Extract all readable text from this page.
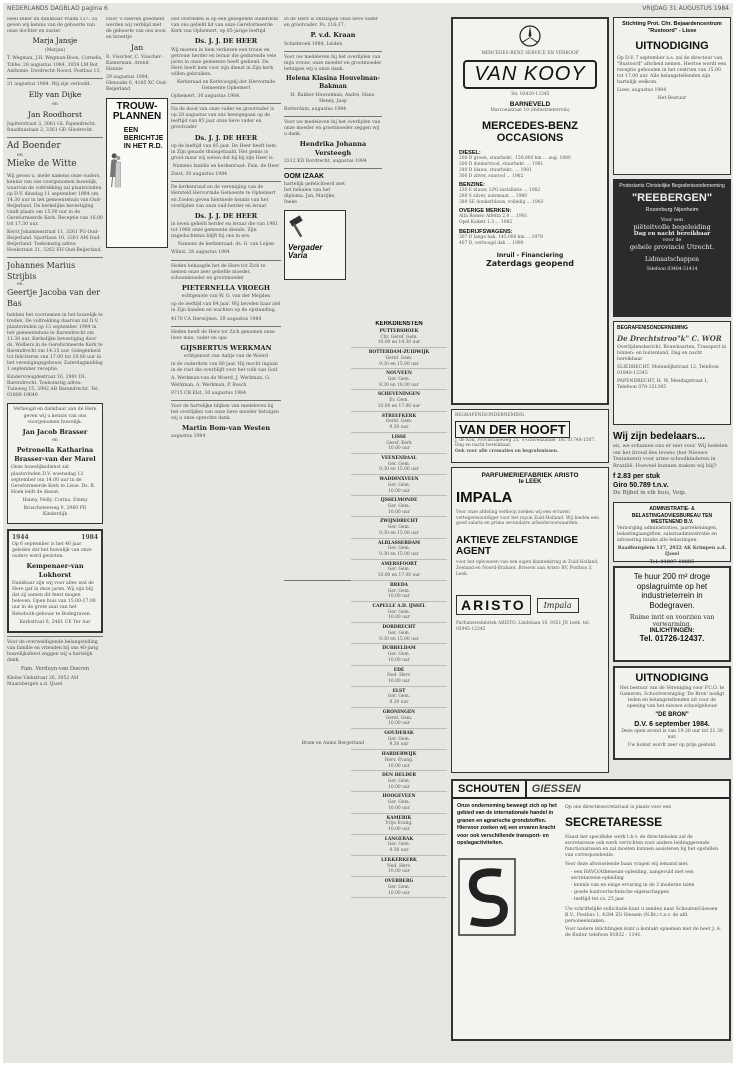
NEDERLANDS DAGBLAD pagina 6	VRIJDAG 31 AUGUSTUS 1984

Heel zeker en dankbaar Psalm 127: 3a geven wij kennis van de geboorte van onze dochter en zuster

Marja Jansje
(Marjan)

T. Wegman, J.H. Wegman-Boon, Cornelis, Tibbe. 28 augustus 1984, 3059 LM Bot Anthonie, Dordrecht-Noord, Postbus 13.

31 augustus 1984. Wij zijn verloofd.

Elly van Dijke
en
Jan Roodhorst

Jupiterstraat 3, 3061 GL Papendrecht. Raadhuislaan 2, 3361 GD Sliedrecht.

Ad Boender
en
Mieke de Witte

Wij geven u, mede namens onze ouders, kennis van ons voorgenomen huwelijk, waarvan de voltrekking zal plaatsvinden op D.V. dinsdag 11 september 1984 om 14.30 uur in het gemeentehuis van Oud-Beijerland. De kerkelijke bevestiging vindt plaats om 15.00 uur in de Gereformeerde Kerk. Receptie van 16.00 tot 17.30 uur.

Kerst Johannesstraat 11, 3261 PG Oud-Beijerland. Sportlaan 16, 3261 AM Oud-Beijerland. Toekomstig adres: Hoekstraat 21, 3262 EH Oud-Beijerland.

Johannes Marius Strijbis
en
Geertje Jacoba van der Bas

hebben het voornemen in het huwelijk te treden. De voltrekking daarvan zal D.V. plaatsvinden op 13 september 1984 in het gemeentehuis te Barendrecht om 11.30 uur. Kerkelijke bevestiging door ds. Wolbers in de Gereformeerde Kerk te Barendrecht om 14.15 uur. Gelegenheid tot feliciteren van 17.00 tot 19.00 uur in het verenigingsgebouw. Zaterdagmiddag 1 september receptie.

Kindervreugdestraat 16, 2991 DL Barendrecht. Toekomstig adres: Tuinweg 15, 2992 AB Barendrecht. Tel. 01806-19640

Verheugd en dankbaar aan de Here geven wij u kennis van ons voorgenomen huwelijk.

Jan Jacob Brasser
en
Petronella Katharina Brasser-van der Marel

Onze huwelijksdienst zal plaatsvinden D.V. woensdag 12 september om 14.00 uur in de Gereformeerde Kerk te Lisse. Ds. B. Hoek leidt de dienst.

Hanny, Nelly, Corina, Emmy

Bruschsteeweg 9, 2960 PD Kinderdijk

1944	1984

Op 6 september is het 40 jaar geleden dat het huwelijk van onze ouders werd gesloten.

Kempenaer-van Lokhorst

Dankbaar zijn wij voor alles wat de Here gaf in deze jaren. Wij zijn blij dat zij samen dit feest mogen beleven. Open huis van 15.00-17.00 uur in de grote zaal van het Rehoboth-gebouw te Bodegraven.

Kerkstraat 6, 2461 CE Ter Aar

Voor de overweldigende belangstelling van familie en vrienden bij ons 40-jarig huwelijksfeest zeggen wij u hartelijk dank.

Fam. Verduyn-van Doeren

Kleine Vinkstraat 26, 3952 AH Maarsbergen a.d. IJssel

Door 's Heeren goedheid werden wij verblijd met de geboorte van ons zoon en broertje

Jan

R. Visscher, C. Visscher-Kamerman, Arend, Hannie

29 augustus 1984, Glenoaks 6, 4185 XC Oud-Beijerland

TROUW-
PLANNEN
EEN BERICHTJE IN HET R.D.

Het overleden is op een gezegende ouderdom van ons geliefd lid van onze Gereformeerde Kerk van Ophemert, op 85-jarige leeftijd

Ds. J. J. DE HEER

Wij moeten in hem verliezen een trouw en getrouw herder en leraar die gedurende vele jaren in onze gemeente heeft gediend. De Here heeft hem voor zijn dienst in Zijn kerk willen gebruiken.

Kerkeraad en Kerkvoogdij der Hervormde Gemeente Ophemert

Ophemert, 30 augustus 1984.

Na de dood van onze vader en grootvader is op 28 augustus van ons heengegaan op de leeftijd van 85 jaar onze lieve vader en grootvader

Ds. J. J. DE HEER

op de leeftijd van 85 jaar. De Heer heeft hem in Zijn genade thuisgehaald. Het gemis is groot maar wij weten dat hij bij zijn Heer is.

Namens familie en kerkenraad: Fam. de Heer

Zeist, 30 augustus 1984

De kerkenraad en de vereniging van de Hersteld Hervormde Gemeente te Ophemert en Zoelen geven hiermede kennis van het overlijden van onze oud-herder en leraar

Ds. J. J. DE HEER

in leven geliefd herder en leraar die van 1961 tot 1980 onze gemeente diende. Zijn nagedachtenis blijft bij ons in ere.

Namens de kerkenraad: ds. G. van Leijen

Wilnis, 28 augustus 1984

Heden behaagde het de Here tot Zich te nemen onze zeer geliefde moeder, schoonmoeder en grootmoeder

PIETERNELLA VROEGH

echtgenote van W. G. van der Meijden

op de leeftijd van 84 jaar. Wij bevelen haar ziel in Zijn handen en wachten op de opstanding.

4170 CA Herwijnen, 29 augustus 1984

Heden heeft de Here tot Zich genomen onze lieve man, vader en opa

GIJSBERTUS WERKMAN

echtgenoot van Aaltje van de Woerd

in de ouderdom van 80 jaar. Hij mocht ingaan in de rust die overblijft voor het volk van God.

A. Werkman-van de Woerd, J. Werkman, G. Werkman, A. Werkman, P. Bosch

9715 CB Elst, 30 augustus 1984

Voor de hartelijke blijken van medeleven bij het overlijden van onze lieve moeder betuigen wij u onze oprechte dank.

Martin Bom-van Westen

augustus 1984

In de Here is ontslapen onze lieve vader en grootvader. Ps. 116:17.

P. v.d. Kraan

Schiebroek 1984, Leiden

Voor uw medeleven bij het overlijden van mijn vrouw, onze moeder en grootmoeder betuigen wij u onze dank.

Helena Klasina Houvelman-Bakman

H. Bakker-Houvelman, Andre, Hans, Henny, Jaap

Rotterdam, augustus 1984

Voor uw medeleven bij het overlijden van onze moeder en grootmoeder zeggen wij u dank.

Hendrika Johanna Versteegh

3312 KD Dordrecht, augustus 1984

OOM IZAAK

hartelijk gefeliciteerd met het behalen van het diploma. Jan, Marijke, Ineke

Vergader
Varia

Bram en Annie Bergerland

KERKDIENSTEN
PUTTERSHOEK
Chr. Geref. Gem.
10.00 en 14.30 uur
ROTTERDAM-ZUIDWIJK
Geref. Gem.
9.30 en 15.00 uur
NOUVEEN
Ger. Gem.
9.30 en 18.00 uur
SCHEVENINGEN
Ev. Gem.
10.00 en 17.00 uur
STREEFKERK
Geref. Gem.
9.30 uur
LISSE
Geref. Kerk
10.00 uur
VEENENDAAL
Ger. Gem.
9.30 en 15.00 uur
WADDINXVEEN
Ger. Gem.
10.00 uur
IJSSELMONDE
Ger. Gem.
10.00 uur
ZWIJNDRECHT
Ger. Gem.
9.30 en 15.00 uur
ALBLASSERDAM
Ger. Gem.
9.30 en 15.00 uur
AMERSFOORT
Ger. Gem.
10.00 en 17.00 uur
BREDA
Ger. Gem.
10.00 uur
CAPELLE A.D. IJSSEL
Ger. Gem.
10.00 uur
DORDRECHT
Ger. Gem.
9.30 en 15.00 uur
DUBBELDAM
Ger. Gem.
10.00 uur
EDE
Ned. Herv.
10.00 uur
ELST
Ger. Gem.
9.30 uur
GRONINGEN
Geref. Gem.
10.00 uur
GOUDERAK
Ger. Gem.
9.30 uur
HARDERWIJK
Herv. Evang.
10.00 uur
DEN HELDER
Ger. Gem.
10.00 uur
HOOGEVEEN
Ger. Gem.
10.00 uur
KAMERIK
Vrije Evang.
10.00 uur
LANGERAK
Ger. Gem.
9.30 uur
LEKKERKERK
Ned. Herv.
10.00 uur
OVERBERG
Ger. Gem.
10.00 uur
MERCEDES-BENZ SERVICE EN VERKOOP
VAN KOOY
Tel. 03420-12345
BARNEVELD
Marconistraat 10 (Industrieterrein)
MERCEDES-BENZ OCCASIONS
DIESEL:
200 D groen, stuurbekr., 150.000 km ... aug. 1980
200 D donkerrood, stuurbekr. ... 1981
240 D blauw, stuurbekr., ... 1981
300 D zilver, sunroof ... 1982
BENZINE:
230 E blauw, LPG-installatie ... 1982
280 S zilver, automaat ... 1980
380 SE donkerblauw, volledig ... 1983
OVERIGE MERKEN:
Alfa Romeo Alfetta 2.0 ... 1981
Opel Kadett 1.3 ... 1982
BEDRIJFSWAGENS:
307 D lange bak, 145.000 km ... 1979
407 D, verhoogd dak ... 1980
Inruil - Financiering
Zaterdags geopend
BEGRAFENISONDERNEMING
VAN DER HOOFT
J. de Kok, Provincialeweg 25, 's-Gravenzande. Tel. 01748-1507. Dag en nacht bereikbaar.
Ook voor alle crematies en begrafenissen.
PARFUMERIEFABRIEK ARISTO
te LEEK
IMPALA
Voor onze afdeling verkoop zoeken wij een ervaren vertegenwoordiger voor het rayon Zuid-Holland. Wij bieden een goed salaris en prima secundaire arbeidsvoorwaarden.
AKTIEVE ZELFSTANDIGE AGENT
voor het opbouwen van een eigen klantenkring in Zuid-Holland, Zeeland en Noord-Brabant. Brieven aan Aristo BV, Postbus 3, Leek.
ARISTO	Impala
Parfumeriefabriek ARISTO, Lindelaan 10, 9351 JD Leek, tel. 05945-12345
Stichting Prot. Chr. Bejaardencentrum "Rustoord" - Lisse
UITNODIGING

Op D.V. 7 september a.s. zal de directeur van "Rustoord" afscheid nemen. Hiertoe wordt een receptie gehouden in het centrum van 15.00 tot 17.00 uur. Alle belangstellenden zijn hartelijk welkom.

Lisse, augustus 1984

Het Bestuur

Protestants Christelijke Begrafenisonderneming
"REEBERGEN"
Rozenburg Nijenheim
Voor een
piëteitvolle begeleiding
Dag en nacht bereikbaar
voor de
gehele provincie Utrecht.
Lidmaatschappen
Telefoon 03404-51414
BEGRAFENISONDERNEMING
De Drechtstroo"k" C. WOR

Overlijdensbericht, Rouwkaarten, Transport in binnen- en buitenland, Dag en nacht bereikbaar

SLIEDRECHT, Molendijkstraat 12, Telefoon 01840-12345

PAPENDRECHT, H. W. Mesdagstraat 1, Telefoon 078-151345

Wij zijn bedelaars...

en, we schamen ons er niet voor. Wij bedelen om het brood des levens (het Nieuwe Testament) voor arme schoolkinderen in Brazilië. Hoeveel kunnen maken wij blij?

f 2.83 per stuk
Giro 50.789 t.n.v.
De Bijbel in elk huis, Veip.
ADMINISTRATIE- & BELASTINGADVIESBUREAU TEN WESTENEND B.V.

Verzorging administraties, jaarrekeningen, belastingaangiften, salarisadministratie en advisering inzake alle belastingen.

Raadhuisplein 117, 2922 AK Krimpen a.d. IJssel

Tel. 01807-10885

Te huur 200 m² droge opslagruimte op het industrieterrein in Bodegraven.
Ruime inrit en voorzien van verwarming.
INLICHTINGEN:
Tel. 01726-12437.
UITNODIGING

Het bestuur van de Vereniging voor P.C.O. te Gameren, Schoolvereniging 'De Bron' nodigt leden en belangstellenden uit voor de opening van het nieuwe schoolgebouw

"DE BRON"
D.V. 6 september 1984.

Deze open avond is van 19.30 uur tot 21.30 uur.

Uw komst wordt zeer op prijs gesteld.

SCHOUTEN	GIESSEN
Onze onderneming beweegt zich op het gebied van de internationale handel in granen en agrarische grondstoffen. Hiervoor zoeken wij een ervaren kracht voor ook verschillende transport- en opslagactiviteiten.

Op ons directiesecretariaat is plaats voor een

SECRETARESSE

Naast het specifieke werk t.b.v. de directieleden zal de secretaresse ook werk verrichten voor andere leidinggevende functionarissen en zal moeten kunnen assisteren bij het opstellen van correspondentie.

Voor deze afwisselende baan vragen wij iemand met:

- een HAVO/Atheneum-opleiding, aangevuld met een secretaresse-opleiding

- kennis van en enige ervaring in de 3 moderne talen

- goede kantoortechnische eigenschappen

- leeftijd tot ca. 25 jaar

Uw schriftelijke sollicitatie kunt u zenden naar Schouten/Giessen B.V., Postbus 1, 4284 ZG Giessen (N.Br.) t.a.v. de afd. personeelszaken.

Voor nadere inlichtingen kunt u kontakt opnemen met de heer J. A. de Ruiter, telefoon 01832 - 1141.
